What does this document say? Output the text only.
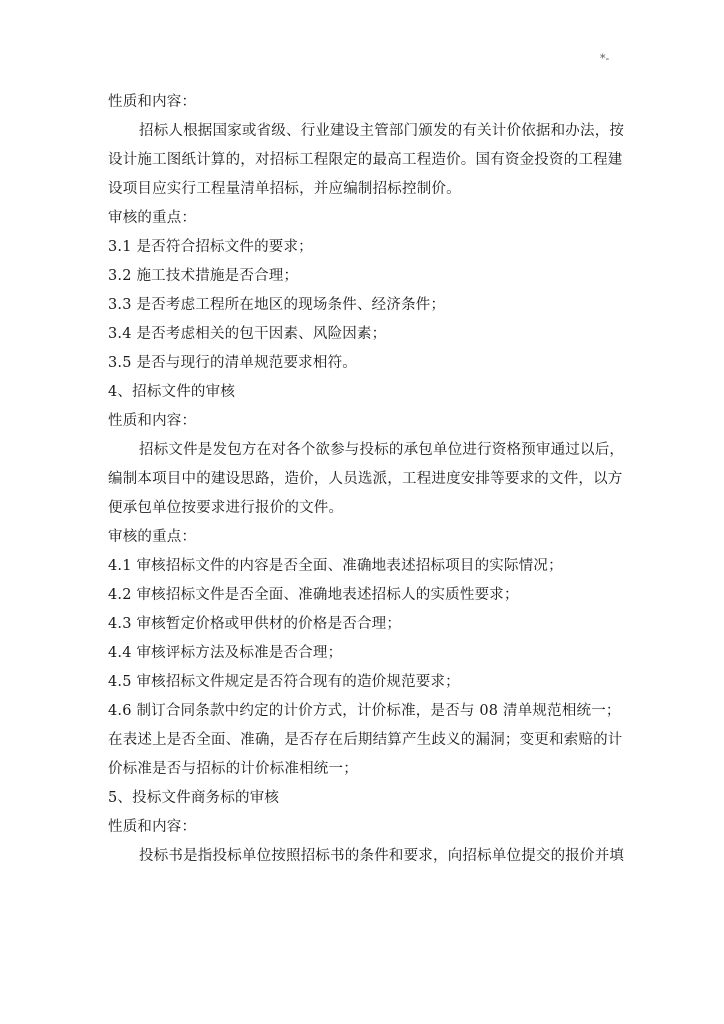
*-

性质和内容：

招标人根据国家或省级、行业建设主管部门颁发的有关计价依据和办法，按

设计施工图纸计算的，对招标工程限定的最高工程造价。国有资金投资的工程建

设项目应实行工程量清单招标，并应编制招标控制价。

审核的重点：

3.1 是否符合招标文件的要求；

3.2 施工技术措施是否合理；

3.3 是否考虑工程所在地区的现场条件、经济条件；

3.4 是否考虑相关的包干因素、风险因素；

3.5 是否与现行的清单规范要求相符。

4、招标文件的审核

性质和内容：

招标文件是发包方在对各个欲参与投标的承包单位进行资格预审通过以后，

编制本项目中的建设思路，造价，人员选派，工程进度安排等要求的文件，以方

便承包单位按要求进行报价的文件。

审核的重点：

4.1 审核招标文件的内容是否全面、准确地表述招标项目的实际情况；

4.2 审核招标文件是否全面、准确地表述招标人的实质性要求；

4.3 审核暂定价格或甲供材的价格是否合理；

4.4 审核评标方法及标准是否合理；

4.5 审核招标文件规定是否符合现有的造价规范要求；

4.6 制订合同条款中约定的计价方式，计价标准，是否与 08 清单规范相统一；

在表述上是否全面、准确，是否存在后期结算产生歧义的漏洞；变更和索赔的计

价标准是否与招标的计价标准相统一；

5、投标文件商务标的审核

性质和内容：

投标书是指投标单位按照招标书的条件和要求，向招标单位提交的报价并填
